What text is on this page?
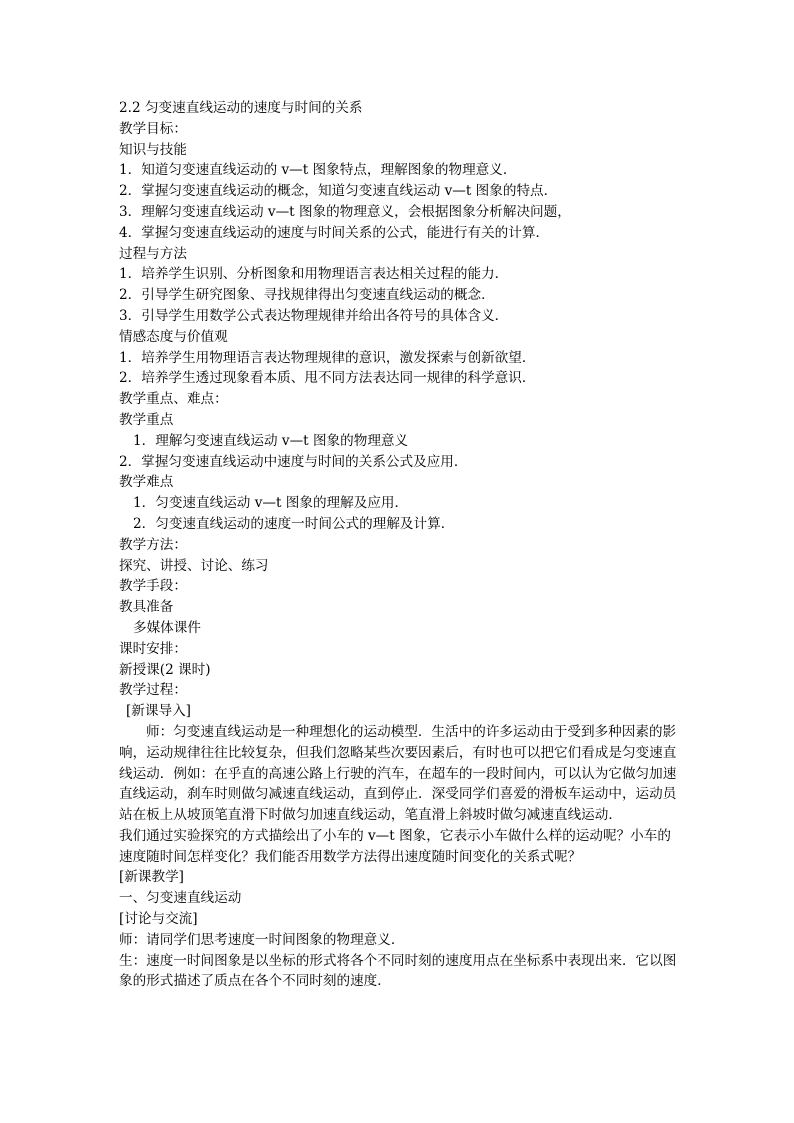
2.2 匀变速直线运动的速度与时间的关系
教学目标：
知识与技能
1．知道匀变速直线运动的 v—t 图象特点，理解图象的物理意义．
2．掌握匀变速直线运动的概念，知道匀变速直线运动 v—t 图象的特点．
3．理解匀变速直线运动 v—t 图象的物理意义，会根据图象分析解决问题，
4．掌握匀变速直线运动的速度与时间关系的公式，能进行有关的计算．
过程与方法
1．培养学生识别、分析图象和用物理语言表达相关过程的能力．
2．引导学生研究图象、寻找规律得出匀变速直线运动的概念．
3．引导学生用数学公式表达物理规律并给出各符号的具体含义．
情感态度与价值观
1．培养学生用物理语言表达物理规律的意识，激发探索与创新欲望．
2．培养学生透过现象看本质、甩不同方法表达同一规律的科学意识．
教学重点、难点：
教学重点
1．理解匀变速直线运动 v—t 图象的物理意义
2．掌握匀变速直线运动中速度与时间的关系公式及应用．
教学难点
1．匀变速直线运动 v—t 图象的理解及应用．
2．匀变速直线运动的速度一时间公式的理解及计算．
教学方法：
探究、讲授、讨论、练习
教学手段：
教具准备
多媒体课件
课时安排：
新授课(2 课时)
教学过程：
[新课导入]
师：匀变速直线运动是一种理想化的运动模型．生活中的许多运动由于受到多种因素的影响，运动规律往往比较复杂，但我们忽略某些次要因素后，有时也可以把它们看成是匀变速直线运动．例如：在乎直的高速公路上行驶的汽车，在超车的一段时间内，可以认为它做匀加速直线运动，刹车时则做匀减速直线运动，直到停止．深受同学们喜爱的滑板车运动中，运动员站在板上从坡顶笔直滑下时做匀加速直线运动，笔直滑上斜坡时做匀减速直线运动．
我们通过实验探究的方式描绘出了小车的 v—t 图象，它表示小车做什么样的运动呢？小车的速度随时间怎样变化？我们能否用数学方法得出速度随时间变化的关系式呢？
[新课教学]
一、匀变速直线运动
[讨论与交流]
师：请同学们思考速度一时间图象的物理意义．
生：速度一时间图象是以坐标的形式将各个不同时刻的速度用点在坐标系中表现出来．它以图象的形式描述了质点在各个不同时刻的速度．
